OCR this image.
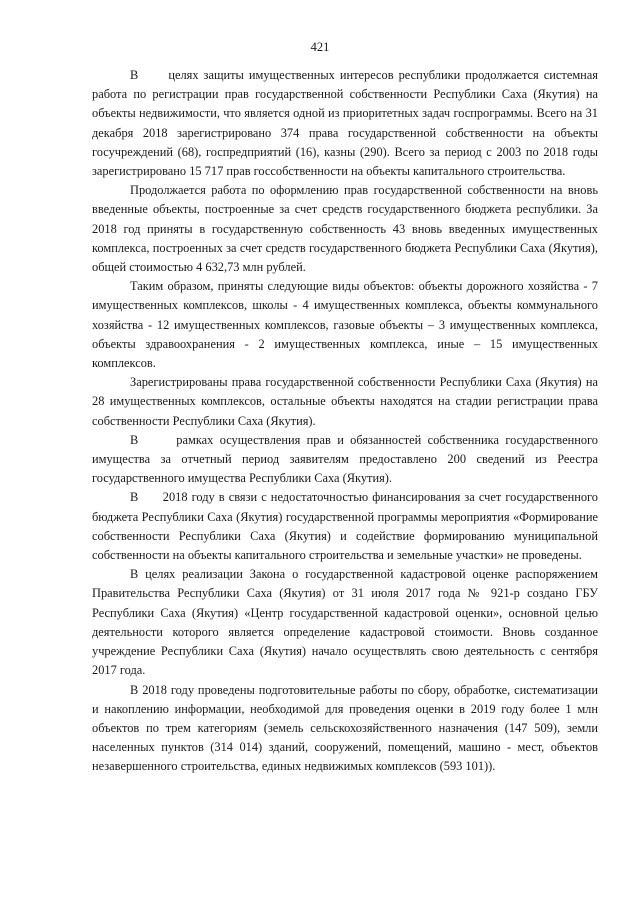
421

В      целях защиты имущественных интересов республики продолжается системная работа по регистрации прав государственной собственности Республики Саха (Якутия) на объекты недвижимости, что является одной из приоритетных задач госпрограммы. Всего на 31 декабря 2018 зарегистрировано 374 права государственной собственности на объекты госучреждений (68), госпредприятий (16), казны (290). Всего за период с 2003 по 2018 годы зарегистрировано 15 717 прав госсобственности на объекты капитального строительства.

Продолжается работа по оформлению прав государственной собственности на вновь введенные объекты, построенные за счет средств государственного бюджета республики. За 2018 год приняты в государственную собственность 43 вновь введенных имущественных комплекса, построенных за счет средств государственного бюджета Республики Саха (Якутия), общей стоимостью 4 632,73 млн рублей.

Таким образом, приняты следующие виды объектов: объекты дорожного хозяйства - 7 имущественных комплексов, школы - 4 имущественных комплекса, объекты коммунального хозяйства - 12 имущественных комплексов, газовые объекты – 3 имущественных комплекса, объекты здравоохранения - 2 имущественных комплекса, иные – 15 имущественных комплексов.

Зарегистрированы права государственной собственности Республики Саха (Якутия) на 28 имущественных комплексов, остальные объекты находятся на стадии регистрации права собственности Республики Саха (Якутия).

В      рамках осуществления прав и обязанностей собственника государственного имущества за отчетный период заявителям предоставлено 200 сведений из Реестра государственного имущества Республики Саха (Якутия).

В      2018 году в связи с недостаточностью финансирования за счет государственного бюджета Республики Саха (Якутия) государственной программы мероприятия «Формирование собственности Республики Саха (Якутия) и содействие формированию муниципальной собственности на объекты капитального строительства и земельные участки» не проведены.

В целях реализации Закона о государственной кадастровой оценке распоряжением Правительства Республики Саха (Якутия) от 31 июля 2017 года № 921-р создано ГБУ Республики Саха (Якутия) «Центр государственной кадастровой оценки», основной целью деятельности которого является определение кадастровой стоимости. Вновь созданное учреждение Республики Саха (Якутия) начало осуществлять свою деятельность с сентября 2017 года.

В 2018 году проведены подготовительные работы по сбору, обработке, систематизации и накоплению информации, необходимой для проведения оценки в 2019 году более 1 млн объектов по трем категориям (земель сельскохозяйственного назначения (147 509), земли населенных пунктов (314 014) зданий, сооружений, помещений, машино - мест, объектов незавершенного строительства, единых недвижимых комплексов (593 101)).
